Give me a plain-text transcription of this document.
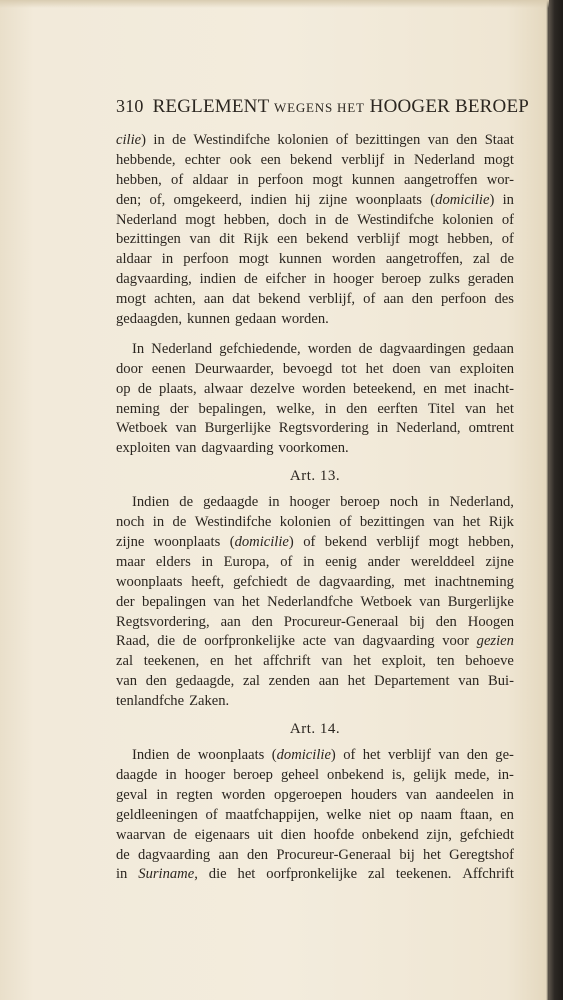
310 REGLEMENT WEGENS HET HOOGER BEROEP
cilie) in de Westindifche kolonien of bezittingen van den Staat
hebbende, echter ook een bekend verblijf in Nederland mogt
hebben, of aldaar in perfoon mogt kunnen aangetroffen wor-
den; of, omgekeerd, indien hij zijne woonplaats (domicilie) in
Nederland mogt hebben, doch in de Westindifche kolonien of
bezittingen van dit Rijk een bekend verblijf mogt hebben, of
aldaar in perfoon mogt kunnen worden aangetroffen, zal de
dagvaarding, indien de eifcher in hooger beroep zulks geraden
mogt achten, aan dat bekend verblijf, of aan den perfoon des
gedaagden, kunnen gedaan worden.
In Nederland gefchiedende, worden de dagvaardingen gedaan
door eenen Deurwaarder, bevoegd tot het doen van exploiten
op de plaats, alwaar dezelve worden beteekend, en met inacht-
neming der bepalingen, welke, in den eerften Titel van het
Wetboek van Burgerlijke Regtsvordering in Nederland, omtrent
exploiten van dagvaarding voorkomen.
Art. 13.
Indien de gedaagde in hooger beroep noch in Nederland,
noch in de Westindifche kolonien of bezittingen van het Rijk
zijne woonplaats (domicilie) of bekend verblijf mogt hebben,
maar elders in Europa, of in eenig ander werelddeel zijne
woonplaats heeft, gefchiedt de dagvaarding, met inachtneming
der bepalingen van het Nederlandfche Wetboek van Burgerlijke
Regtsvordering, aan den Procureur-Generaal bij den Hoogen
Raad, die de oorfpronkelijke acte van dagvaarding voor gezien
zal teekenen, en het affchrift van het exploit, ten behoeve
van den gedaagde, zal zenden aan het Departement van Bui-
tenlandfche Zaken.
Art. 14.
Indien de woonplaats (domicilie) of het verblijf van den ge-
daagde in hooger beroep geheel onbekend is, gelijk mede, in-
geval in regten worden opgeroepen houders van aandeelen in
geldleeningen of maatfchappijen, welke niet op naam ftaan, en
waarvan de eigenaars uit dien hoofde onbekend zijn, gefchiedt
de dagvaarding aan den Procureur-Generaal bij het Geregtshof
in Suriname, die het oorfpronkelijke zal teekenen. Affchrift
